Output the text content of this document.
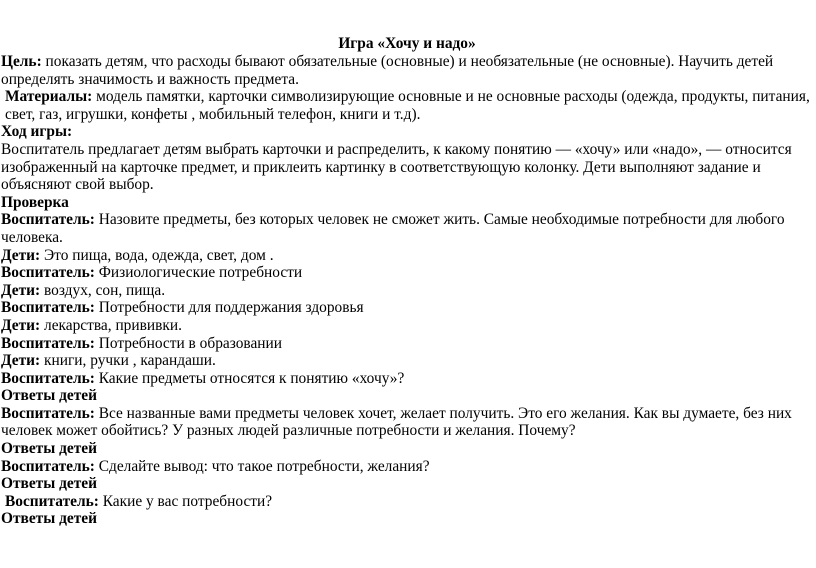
Игра «Хочу и надо»

Цель: показать детям, что расходы бывают обязательные (основные) и необязательные (не основные). Научить детей определять значимость и важность предмета.

Материалы: модель памятки, карточки символизирующие основные и не основные расходы (одежда, продукты, питания, свет, газ, игрушки, конфеты , мобильный телефон, книги и т.д).

Ход игры:

Воспитатель предлагает детям выбрать карточки и распределить, к какому понятию — «хочу» или «надо», — относится изображенный на карточке предмет, и приклеить картинку в соответствующую колонку. Дети выполняют задание и объясняют свой выбор.

Проверка

Воспитатель: Назовите предметы, без которых человек не сможет жить. Самые необходимые потребности для любого человека.

Дети: Это пища, вода, одежда, свет, дом .

Воспитатель: Физиологические потребности

Дети: воздух, сон, пища.

Воспитатель: Потребности для поддержания здоровья

Дети: лекарства, прививки.

Воспитатель: Потребности в образовании

Дети: книги, ручки , карандаши.

Воспитатель: Какие предметы относятся к понятию «хочу»?

Ответы детей

Воспитатель: Все названные вами предметы человек хочет, желает получить. Это его желания. Как вы думаете, без них человек может обойтись? У разных людей различные потребности и желания. Почему?

Ответы детей

Воспитатель: Сделайте вывод: что такое потребности, желания?

Ответы детей

Воспитатель: Какие у вас потребности?

Ответы детей
